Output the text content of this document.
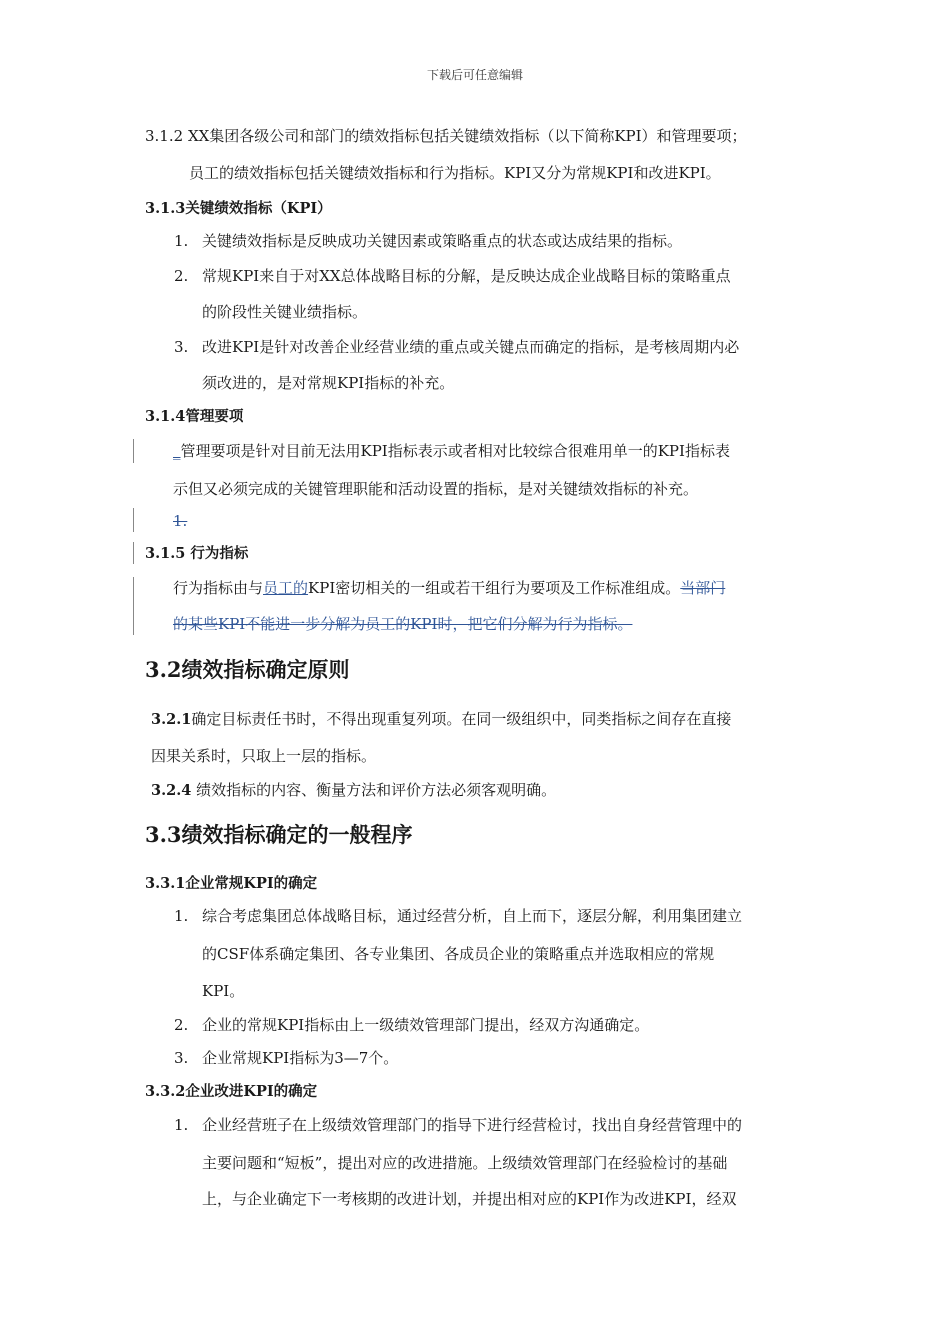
下载后可任意编辑
3.1.2 XX集团各级公司和部门的绩效指标包括关键绩效指标（以下简称KPI）和管理要项；
员工的绩效指标包括关键绩效指标和行为指标。KPI又分为常规KPI和改进KPI。
3.1.3关键绩效指标（KPI）
1. 关键绩效指标是反映成功关键因素或策略重点的状态或达成结果的指标。
2. 常规KPI来自于对XX总体战略目标的分解，是反映达成企业战略目标的策略重点
的阶段性关键业绩指标。
3. 改进KPI是针对改善企业经营业绩的重点或关键点而确定的指标，是考核周期内必
须改进的，是对常规KPI指标的补充。
3.1.4管理要项
_管理要项是针对目前无法用KPI指标表示或者相对比较综合很难用单一的KPI指标表
示但又必须完成的关键管理职能和活动设置的指标，是对关键绩效指标的补充。
1.
3.1.5 行为指标
行为指标由与员工的KPI密切相关的一组或若干组行为要项及工作标准组成。当部门
的某些KPI不能进一步分解为员工的KPI时，把它们分解为行为指标。
3.2绩效指标确定原则
3.2.1确定目标责任书时，不得出现重复列项。在同一级组织中，同类指标之间存在直接
因果关系时，只取上一层的指标。
3.2.4 绩效指标的内容、衡量方法和评价方法必须客观明确。
3.3绩效指标确定的一般程序
3.3.1企业常规KPI的确定
1. 综合考虑集团总体战略目标，通过经营分析，自上而下，逐层分解，利用集团建立
的CSF体系确定集团、各专业集团、各成员企业的策略重点并选取相应的常规
KPI。
2. 企业的常规KPI指标由上一级绩效管理部门提出，经双方沟通确定。
3. 企业常规KPI指标为3—7个。
3.3.2企业改进KPI的确定
1. 企业经营班子在上级绩效管理部门的指导下进行经营检讨，找出自身经营管理中的
主要问题和“短板”，提出对应的改进措施。上级绩效管理部门在经验检讨的基础
上，与企业确定下一考核期的改进计划，并提出相对应的KPI作为改进KPI，经双
